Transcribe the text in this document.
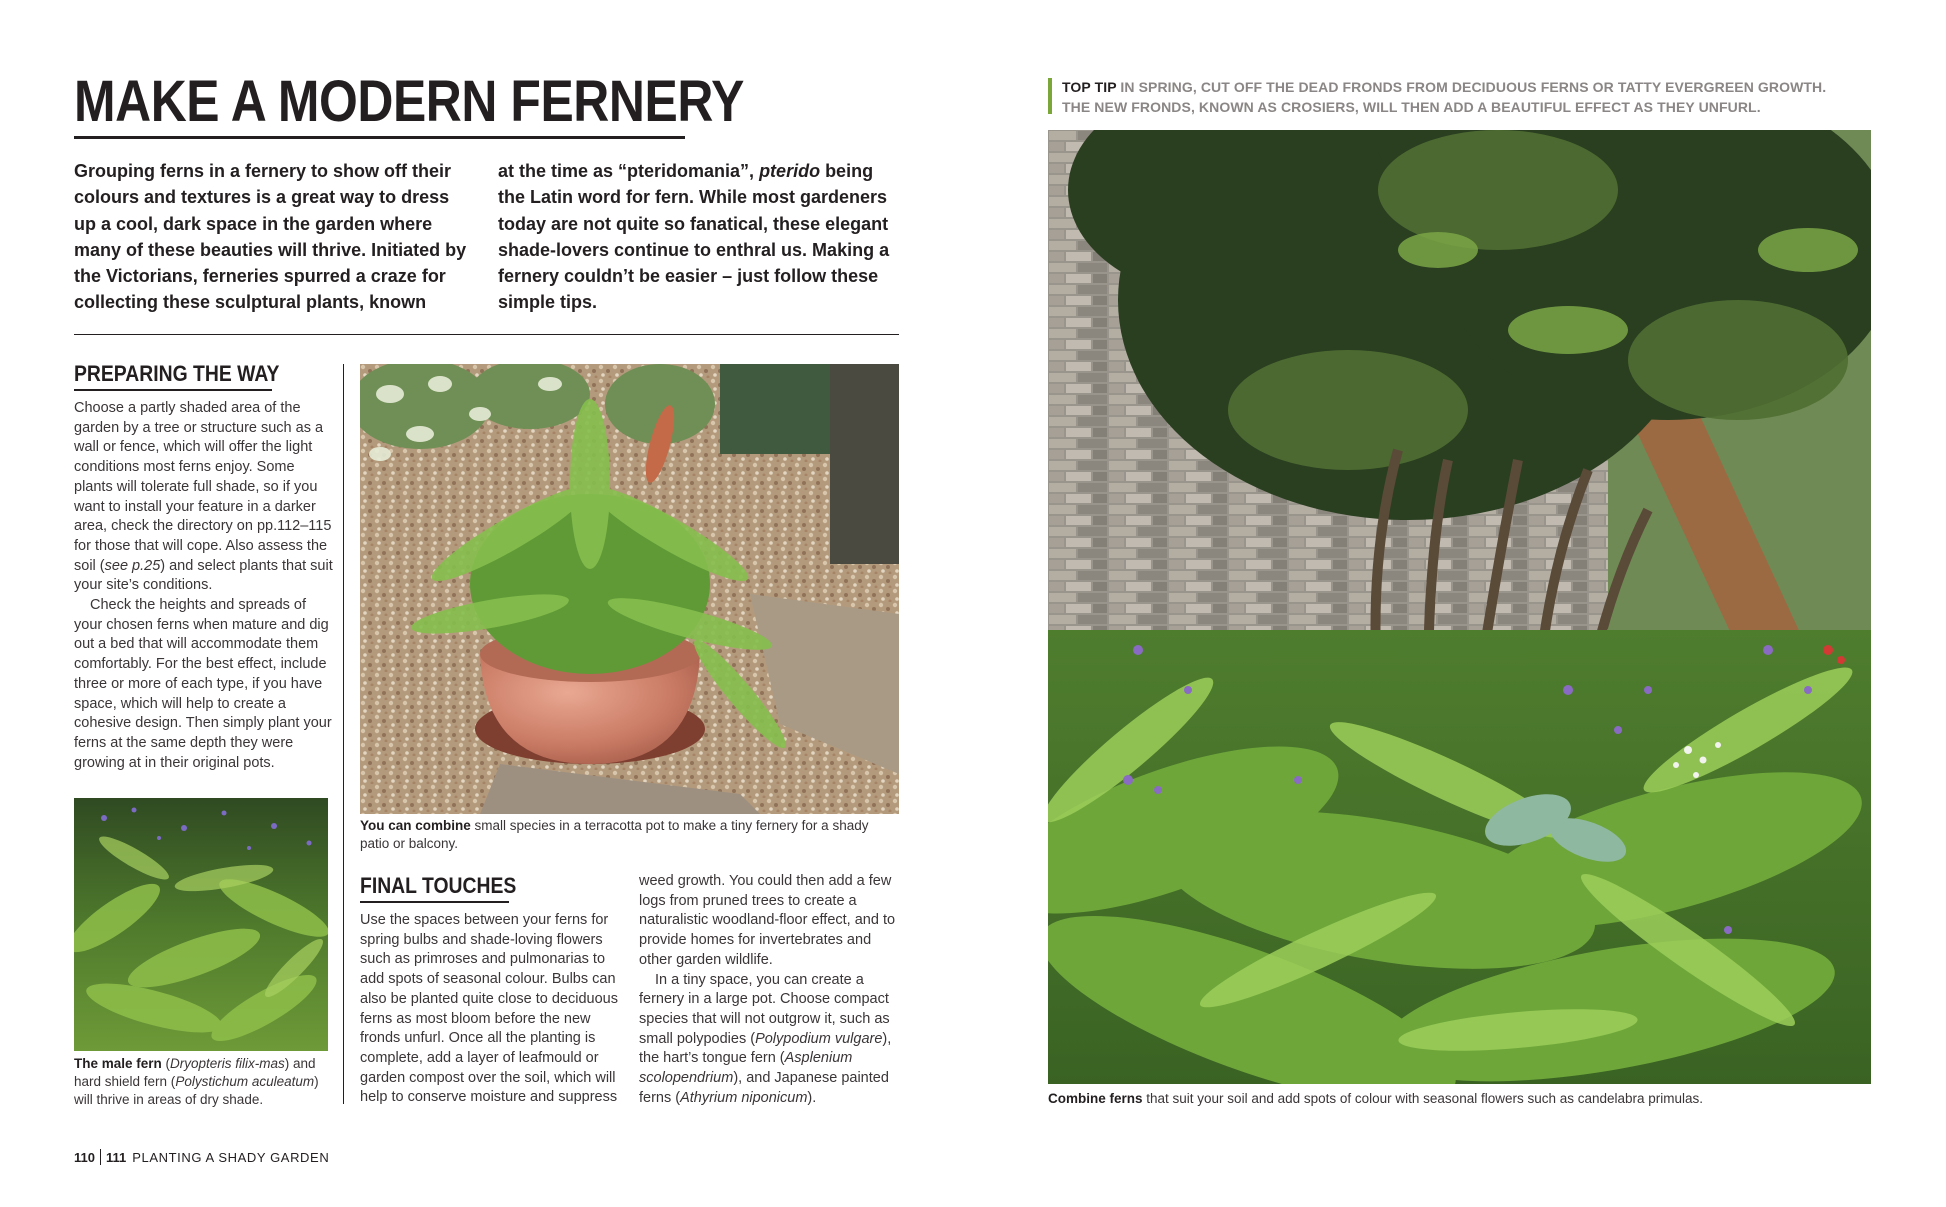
MAKE A MODERN FERNERY
Grouping ferns in a fernery to show off their colours and textures is a great way to dress up a cool, dark space in the garden where many of these beauties will thrive. Initiated by the Victorians, ferneries spurred a craze for collecting these sculptural plants, known
at the time as “pteridomania”, pterido being the Latin word for fern. While most gardeners today are not quite so fanatical, these elegant shade-lovers continue to enthral us. Making a fernery couldn’t be easier – just follow these simple tips.
PREPARING THE WAY

Choose a partly shaded area of the garden by a tree or structure such as a wall or fence, which will offer the light conditions most ferns enjoy. Some plants will tolerate full shade, so if you want to install your feature in a darker area, check the directory on pp.112–115 for those that will cope. Also assess the soil (see p.25) and select plants that suit your site’s conditions.

Check the heights and spreads of your chosen ferns when mature and dig out a bed that will accommodate them comfortably. For the best effect, include three or more of each type, if you have space, which will help to create a cohesive design. Then simply plant your ferns at the same depth they were growing at in their original pots.

The male fern (Dryopteris filix-mas) and hard shield fern (Polystichum aculeatum) will thrive in areas of dry shade.
You can combine small species in a terracotta pot to make a tiny fernery for a shady patio or balcony.
FINAL TOUCHES

Use the spaces between your ferns for spring bulbs and shade-loving flowers such as primroses and pulmonarias to add spots of seasonal colour. Bulbs can also be planted quite close to deciduous ferns as most bloom before the new fronds unfurl. Once all the planting is complete, add a layer of leafmould or garden compost over the soil, which will help to conserve moisture and suppress

weed growth. You could then add a few logs from pruned trees to create a naturalistic woodland-floor effect, and to provide homes for invertebrates and other garden wildlife.

In a tiny space, you can create a fernery in a large pot. Choose compact species that will not outgrow it, such as small polypodies (Polypodium vulgare), the hart’s tongue fern (Asplenium scolopendrium), and Japanese painted ferns (Athyrium niponicum).

TOP TIP IN SPRING, CUT OFF THE DEAD FRONDS FROM DECIDUOUS FERNS OR TATTY EVERGREEN GROWTH. THE NEW FRONDS, KNOWN AS CROSIERS, WILL THEN ADD A BEAUTIFUL EFFECT AS THEY UNFURL.
Combine ferns that suit your soil and add spots of colour with seasonal flowers such as candelabra primulas.
110 111 PLANTING A SHADY GARDEN
